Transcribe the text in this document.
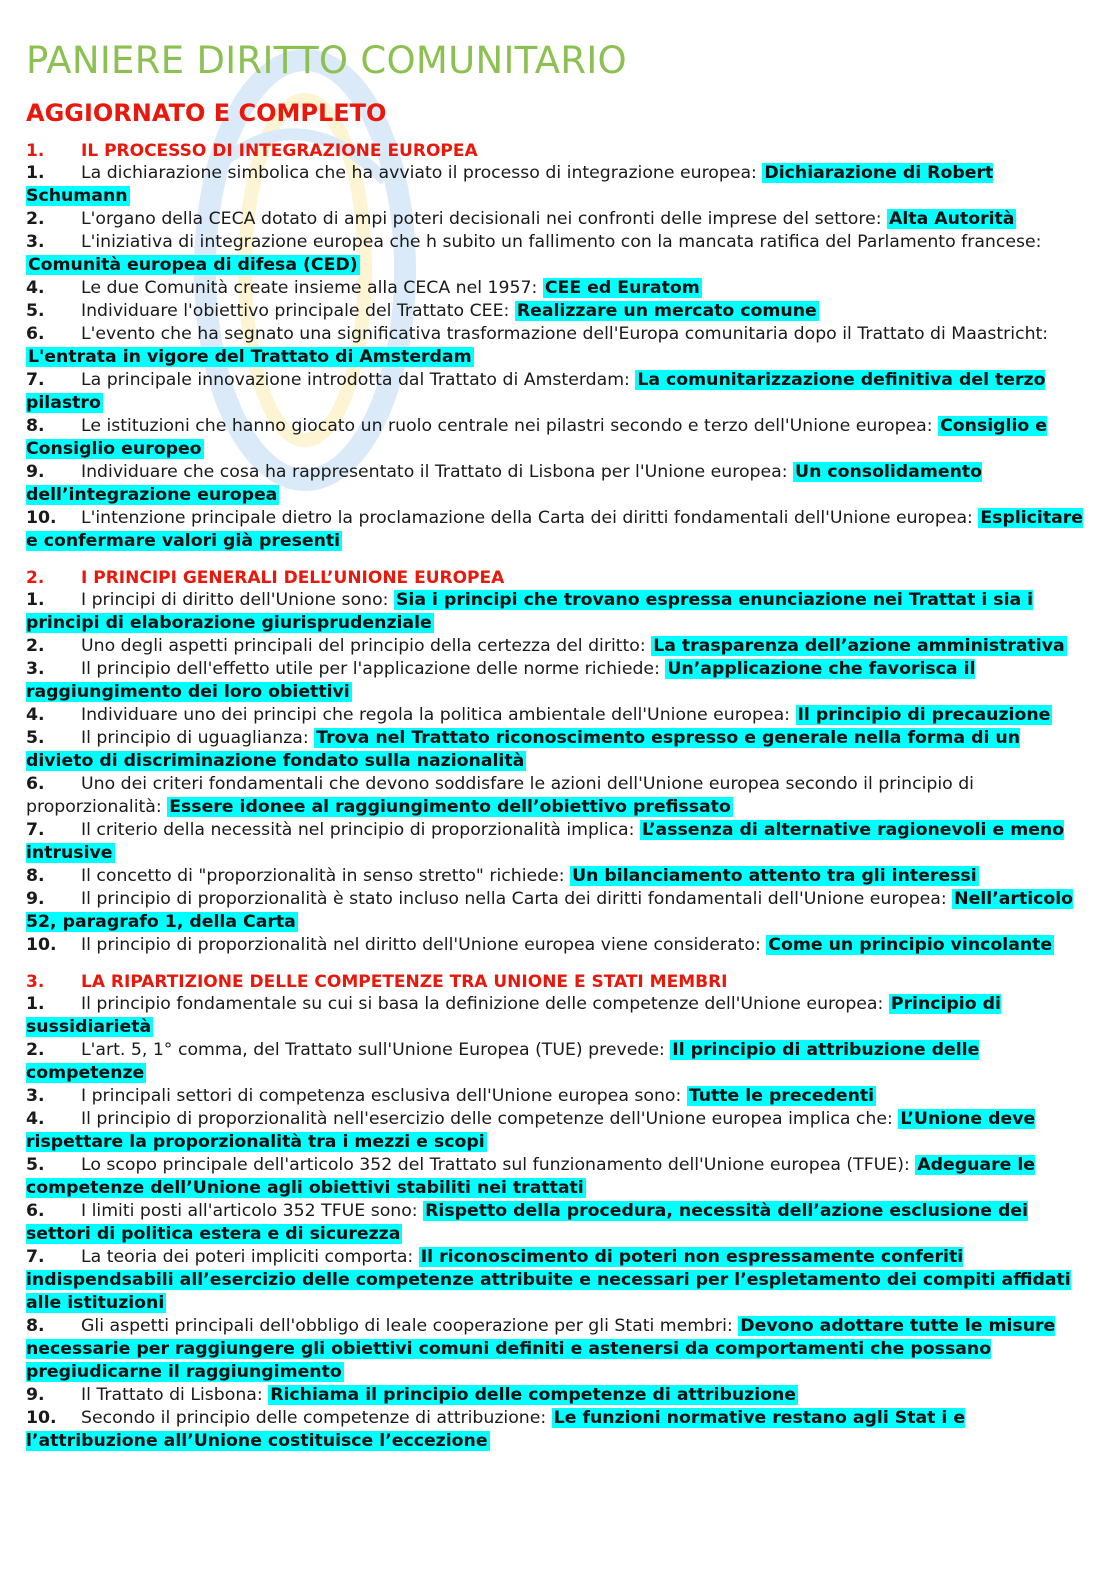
PANIERE DIRITTO COMUNITARIO
AGGIORNATO E COMPLETO
1. IL PROCESSO DI INTEGRAZIONE EUROPEA
1. La dichiarazione simbolica che ha avviato il processo di integrazione europea: Dichiarazione di Robert Schumann
2. L'organo della CECA dotato di ampi poteri decisionali nei confronti delle imprese del settore: Alta Autorità
3. L'iniziativa di integrazione europea che h subito un fallimento con la mancata ratifica del Parlamento francese: Comunità europea di difesa (CED)
4. Le due Comunità create insieme alla CECA nel 1957: CEE ed Euratom
5. Individuare l'obiettivo principale del Trattato CEE: Realizzare un mercato comune
6. L'evento che ha segnato una significativa trasformazione dell'Europa comunitaria dopo il Trattato di Maastricht: L'entrata in vigore del Trattato di Amsterdam
7. La principale innovazione introdotta dal Trattato di Amsterdam: La comunitarizzazione definitiva del terzo pilastro
8. Le istituzioni che hanno giocato un ruolo centrale nei pilastri secondo e terzo dell'Unione europea: Consiglio e Consiglio europeo
9. Individuare che cosa ha rappresentato il Trattato di Lisbona per l'Unione europea: Un consolidamento dell’integrazione europea
10. L'intenzione principale dietro la proclamazione della Carta dei diritti fondamentali dell'Unione europea: Esplicitare e confermare valori già presenti
2. I PRINCIPI GENERALI DELL’UNIONE EUROPEA
1. I principi di diritto dell'Unione sono: Sia i principi che trovano espressa enunciazione nei Trattat i sia i principi di elaborazione giurisprudenziale
2. Uno degli aspetti principali del principio della certezza del diritto: La trasparenza dell’azione amministrativa
3. Il principio dell'effetto utile per l'applicazione delle norme richiede: Un’applicazione che favorisca il raggiungimento dei loro obiettivi
4. Individuare uno dei principi che regola la politica ambientale dell'Unione europea: Il principio di precauzione
5. Il principio di uguaglianza: Trova nel Trattato riconoscimento espresso e generale nella forma di un divieto di discriminazione fondato sulla nazionalità
6. Uno dei criteri fondamentali che devono soddisfare le azioni dell'Unione europea secondo il principio di proporzionalità: Essere idonee al raggiungimento dell’obiettivo prefissato
7. Il criterio della necessità nel principio di proporzionalità implica: L’assenza di alternative ragionevoli e meno intrusive
8. Il concetto di "proporzionalità in senso stretto" richiede: Un bilanciamento attento tra gli interessi
9. Il principio di proporzionalità è stato incluso nella Carta dei diritti fondamentali dell'Unione europea: Nell’articolo 52, paragrafo 1, della Carta
10. Il principio di proporzionalità nel diritto dell'Unione europea viene considerato: Come un principio vincolante
3. LA RIPARTIZIONE DELLE COMPETENZE TRA UNIONE E STATI MEMBRI
1. Il principio fondamentale su cui si basa la definizione delle competenze dell'Unione europea: Principio di sussidiarietà
2. L'art. 5, 1° comma, del Trattato sull'Unione Europea (TUE) prevede: Il principio di attribuzione delle competenze
3. I principali settori di competenza esclusiva dell'Unione europea sono: Tutte le precedenti
4. Il principio di proporzionalità nell'esercizio delle competenze dell'Unione europea implica che: L’Unione deve rispettare la proporzionalità tra i mezzi e scopi
5. Lo scopo principale dell'articolo 352 del Trattato sul funzionamento dell'Unione europea (TFUE): Adeguare le competenze dell’Unione agli obiettivi stabiliti nei trattati
6. I limiti posti all'articolo 352 TFUE sono: Rispetto della procedura, necessità dell’azione esclusione dei settori di politica estera e di sicurezza
7. La teoria dei poteri impliciti comporta: Il riconoscimento di poteri non espressamente conferiti indispendsabili all’esercizio delle competenze attribuite e necessari per l’espletamento dei compiti affidati alle istituzioni
8. Gli aspetti principali dell'obbligo di leale cooperazione per gli Stati membri: Devono adottare tutte le misure necessarie per raggiungere gli obiettivi comuni definiti e astenersi da comportamenti che possano pregiudicarne il raggiungimento
9. Il Trattato di Lisbona: Richiama il principio delle competenze di attribuzione
10. Secondo il principio delle competenze di attribuzione: Le funzioni normative restano agli Stat i e l’attribuzione all’Unione costituisce l’eccezione
